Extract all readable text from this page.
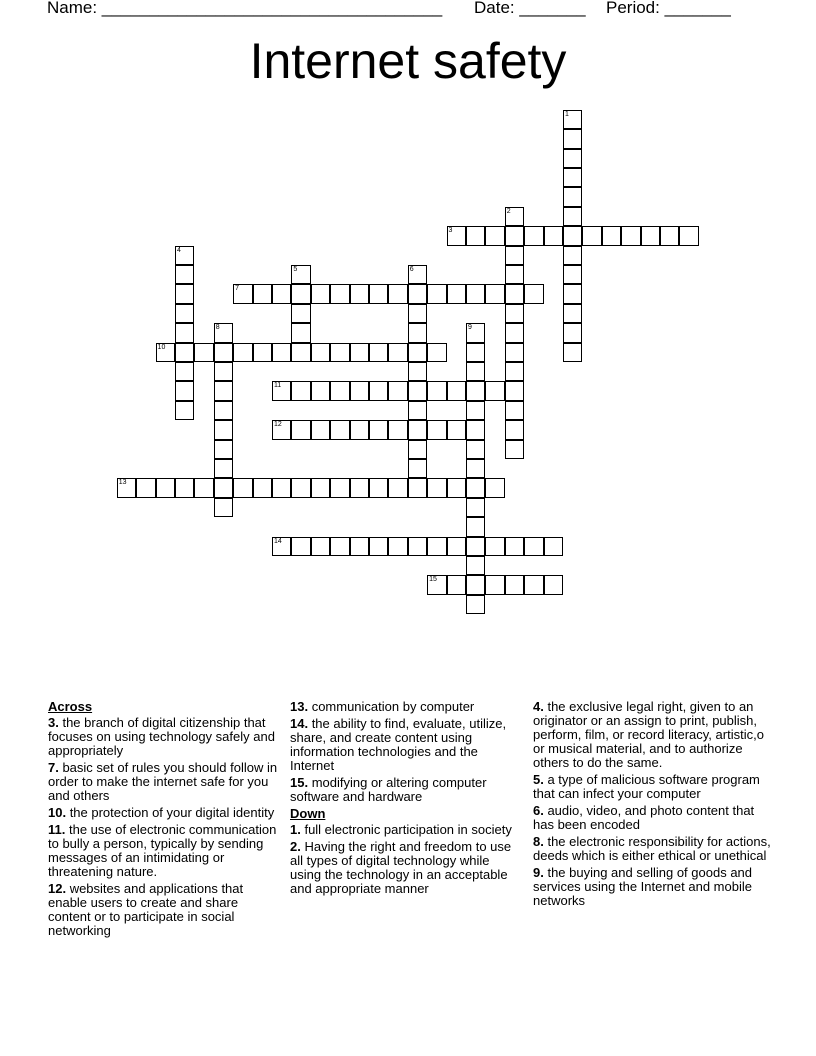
Name: ____________________________________ Date: _______ Period: _______
Internet safety
1
2
3
4
5	6
7
8	9
10
11
12
13
14
15
Across
3. the branch of digital citizenship that focuses on using technology safely and appropriately
7. basic set of rules you should follow in order to make the internet safe for you and others
10. the protection of your digital identity
11. the use of electronic communication to bully a person, typically by sending messages of an intimidating or threatening nature.
12. websites and applications that enable users to create and share content or to participate in social networking
13. communication by computer
14. the ability to find, evaluate, utilize, share, and create content using information technologies and the Internet
15. modifying or altering computer software and hardware
Down
1. full electronic participation in society
2. Having the right and freedom to use all types of digital technology while using the technology in an acceptable and appropriate manner
4. the exclusive legal right, given to an originator or an assign to print, publish, perform, film, or record literacy, artistic,o or musical material, and to authorize others to do the same.
5. a type of malicious software program that can infect your computer
6. audio, video, and photo content that has been encoded
8. the electronic responsibility for actions, deeds which is either ethical or unethical
9. the buying and selling of goods and services using the Internet and mobile networks
